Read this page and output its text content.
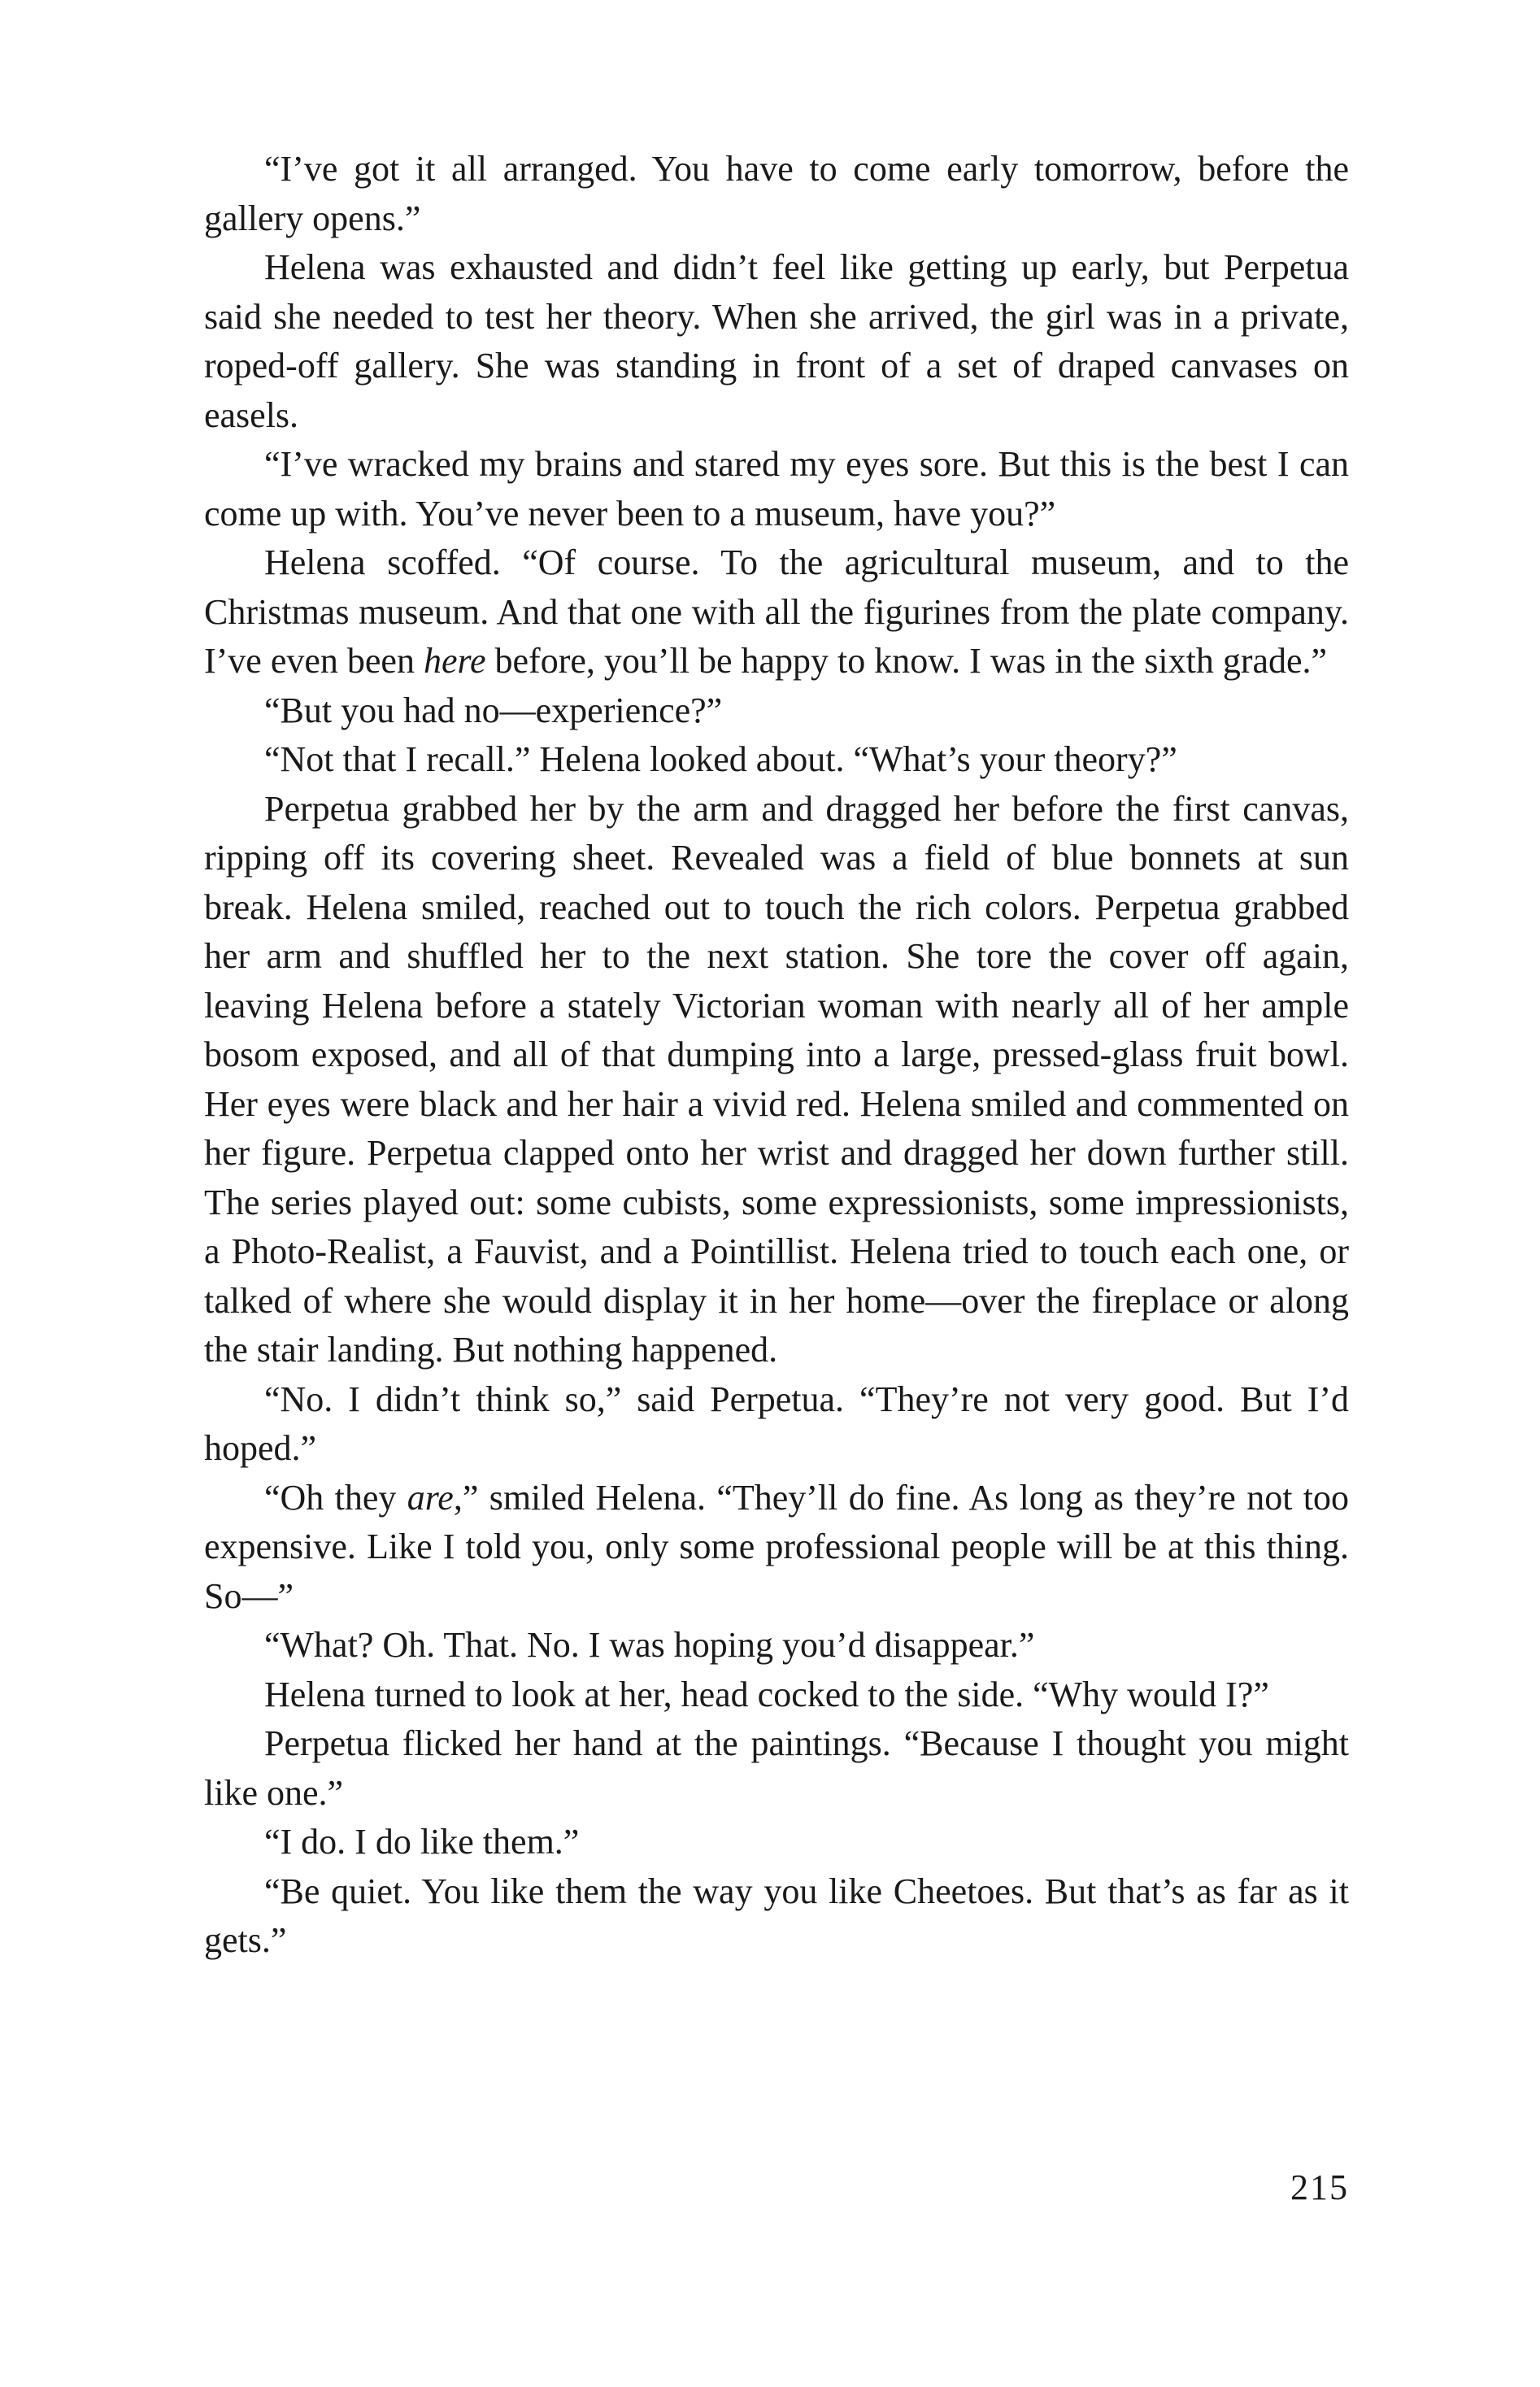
“I’ve got it all arranged. You have to come early tomorrow, before the gallery opens.”

Helena was exhausted and didn’t feel like getting up early, but Perpetua said she needed to test her theory. When she arrived, the girl was in a private, roped-off gallery. She was standing in front of a set of draped canvases on easels.

“I’ve wracked my brains and stared my eyes sore. But this is the best I can come up with. You’ve never been to a museum, have you?”

Helena scoffed. “Of course. To the agricultural museum, and to the Christmas museum. And that one with all the figurines from the plate company. I’ve even been here before, you’ll be happy to know. I was in the sixth grade.”

“But you had no—experience?”

“Not that I recall.” Helena looked about. “What’s your theory?”

Perpetua grabbed her by the arm and dragged her before the first canvas, ripping off its covering sheet. Revealed was a field of blue bonnets at sun break. Helena smiled, reached out to touch the rich colors. Perpetua grabbed her arm and shuffled her to the next station. She tore the cover off again, leaving Helena before a stately Victorian woman with nearly all of her ample bosom exposed, and all of that dumping into a large, pressed-glass fruit bowl. Her eyes were black and her hair a vivid red. Helena smiled and commented on her figure. Perpetua clapped onto her wrist and dragged her down further still. The series played out: some cubists, some expressionists, some impressionists, a Photo-Realist, a Fauvist, and a Pointillist. Helena tried to touch each one, or talked of where she would display it in her home—over the fireplace or along the stair landing. But nothing happened.

“No. I didn’t think so,” said Perpetua. “They’re not very good. But I’d hoped.”

“Oh they are,” smiled Helena. “They’ll do fine. As long as they’re not too expensive. Like I told you, only some professional people will be at this thing. So—”

“What? Oh. That. No. I was hoping you’d disappear.”

Helena turned to look at her, head cocked to the side. “Why would I?”

Perpetua flicked her hand at the paintings. “Because I thought you might like one.”

“I do. I do like them.”

“Be quiet. You like them the way you like Cheetoes. But that’s as far as it gets.”

215
